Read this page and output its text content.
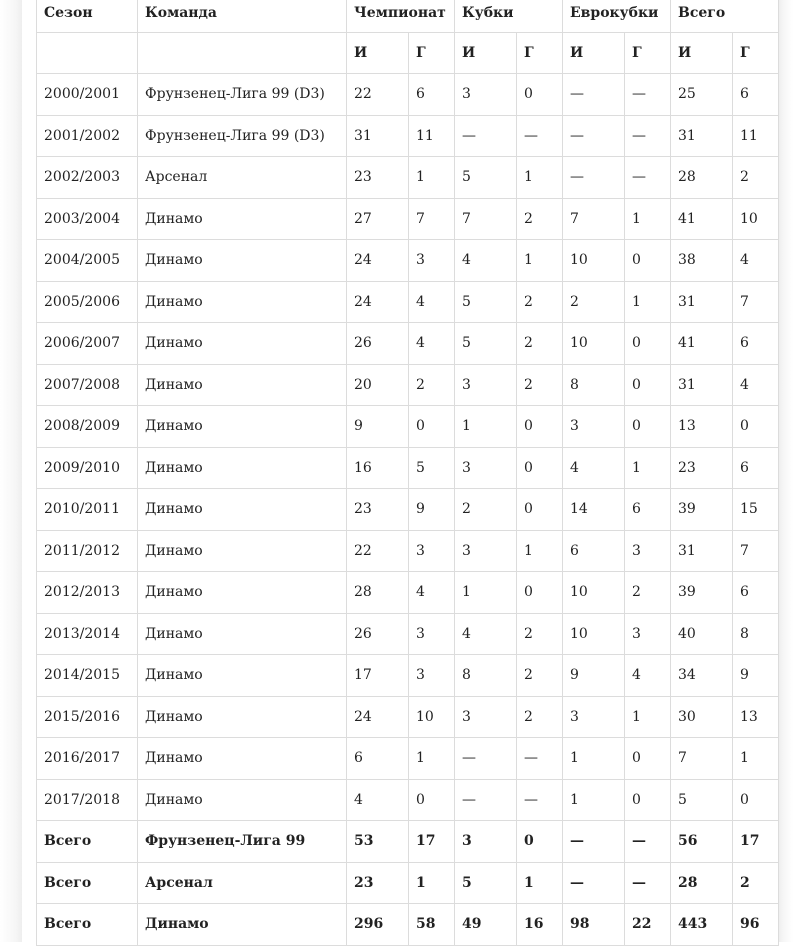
Сезон	Команда	Чемпионат		Кубки		Еврокубки		Всего	
		И	Г	И	Г	И	Г	И	Г
2000/2001	Фрунзенец-Лига 99 (D3)	22	6	3	0	—	—	25	6
2001/2002	Фрунзенец-Лига 99 (D3)	31	11	—	—	—	—	31	11
2002/2003	Арсенал	23	1	5	1	—	—	28	2
2003/2004	Динамо	27	7	7	2	7	1	41	10
2004/2005	Динамо	24	3	4	1	10	0	38	4
2005/2006	Динамо	24	4	5	2	2	1	31	7
2006/2007	Динамо	26	4	5	2	10	0	41	6
2007/2008	Динамо	20	2	3	2	8	0	31	4
2008/2009	Динамо	9	0	1	0	3	0	13	0
2009/2010	Динамо	16	5	3	0	4	1	23	6
2010/2011	Динамо	23	9	2	0	14	6	39	15
2011/2012	Динамо	22	3	3	1	6	3	31	7
2012/2013	Динамо	28	4	1	0	10	2	39	6
2013/2014	Динамо	26	3	4	2	10	3	40	8
2014/2015	Динамо	17	3	8	2	9	4	34	9
2015/2016	Динамо	24	10	3	2	3	1	30	13
2016/2017	Динамо	6	1	—	—	1	0	7	1
2017/2018	Динамо	4	0	—	—	1	0	5	0
Всего	Фрунзенец-Лига 99	53	17	3	0	—	—	56	17
Всего	Арсенал	23	1	5	1	—	—	28	2
Всего	Динамо	296	58	49	16	98	22	443	96
